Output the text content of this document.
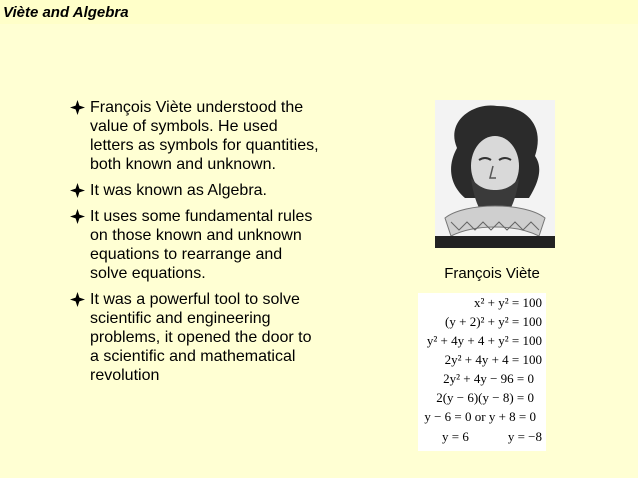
Viète and Algebra
François Viète understood the value of symbols. He used letters as symbols for quantities, both known and unknown.
It was known as Algebra.
It uses some fundamental rules on those known and unknown equations to rearrange and solve equations.
It was a powerful tool to solve scientific and engineering problems, it opened the door to a scientific and mathematical revolution
François Viète
x² + y² = 100
(y + 2)² + y² = 100
y² + 4y + 4 + y² = 100
2y² + 4y + 4 = 100
2y² + 4y − 96 = 0
2(y − 6)(y − 8) = 0
y − 6 = 0 or y + 8 = 0
y = 6	y = −8
